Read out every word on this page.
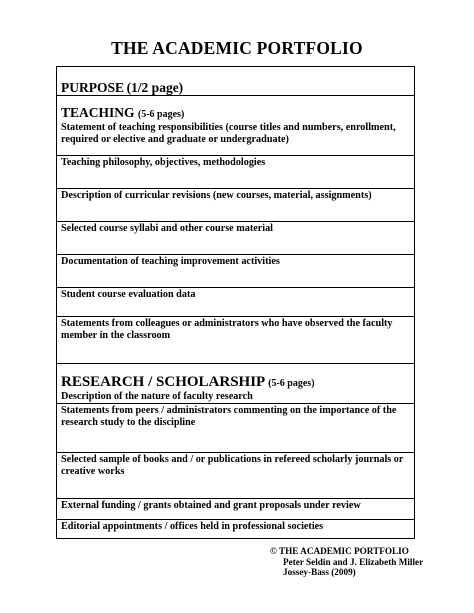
THE ACADEMIC PORTFOLIO
PURPOSE (1/2 page)
TEACHING (5-6 pages)
Statement of teaching responsibilities (course titles and numbers, enrollment, required or elective and graduate or undergraduate)
Teaching philosophy, objectives, methodologies
Description of curricular revisions (new courses, material, assignments)
Selected course syllabi and other course material
Documentation of teaching improvement activities
Student course evaluation data
Statements from colleagues or administrators who have observed the faculty member in the classroom
RESEARCH / SCHOLARSHIP (5-6 pages)
Description of the nature of faculty research
Statements from peers / administrators commenting on the importance of the research study to the discipline
Selected sample of books and / or publications in refereed scholarly journals or creative works
External funding / grants obtained and grant proposals under review
Editorial appointments / offices held in professional societies
© THE ACADEMIC PORTFOLIO
Peter Seldin and J. Elizabeth Miller
Jossey-Bass (2009)
